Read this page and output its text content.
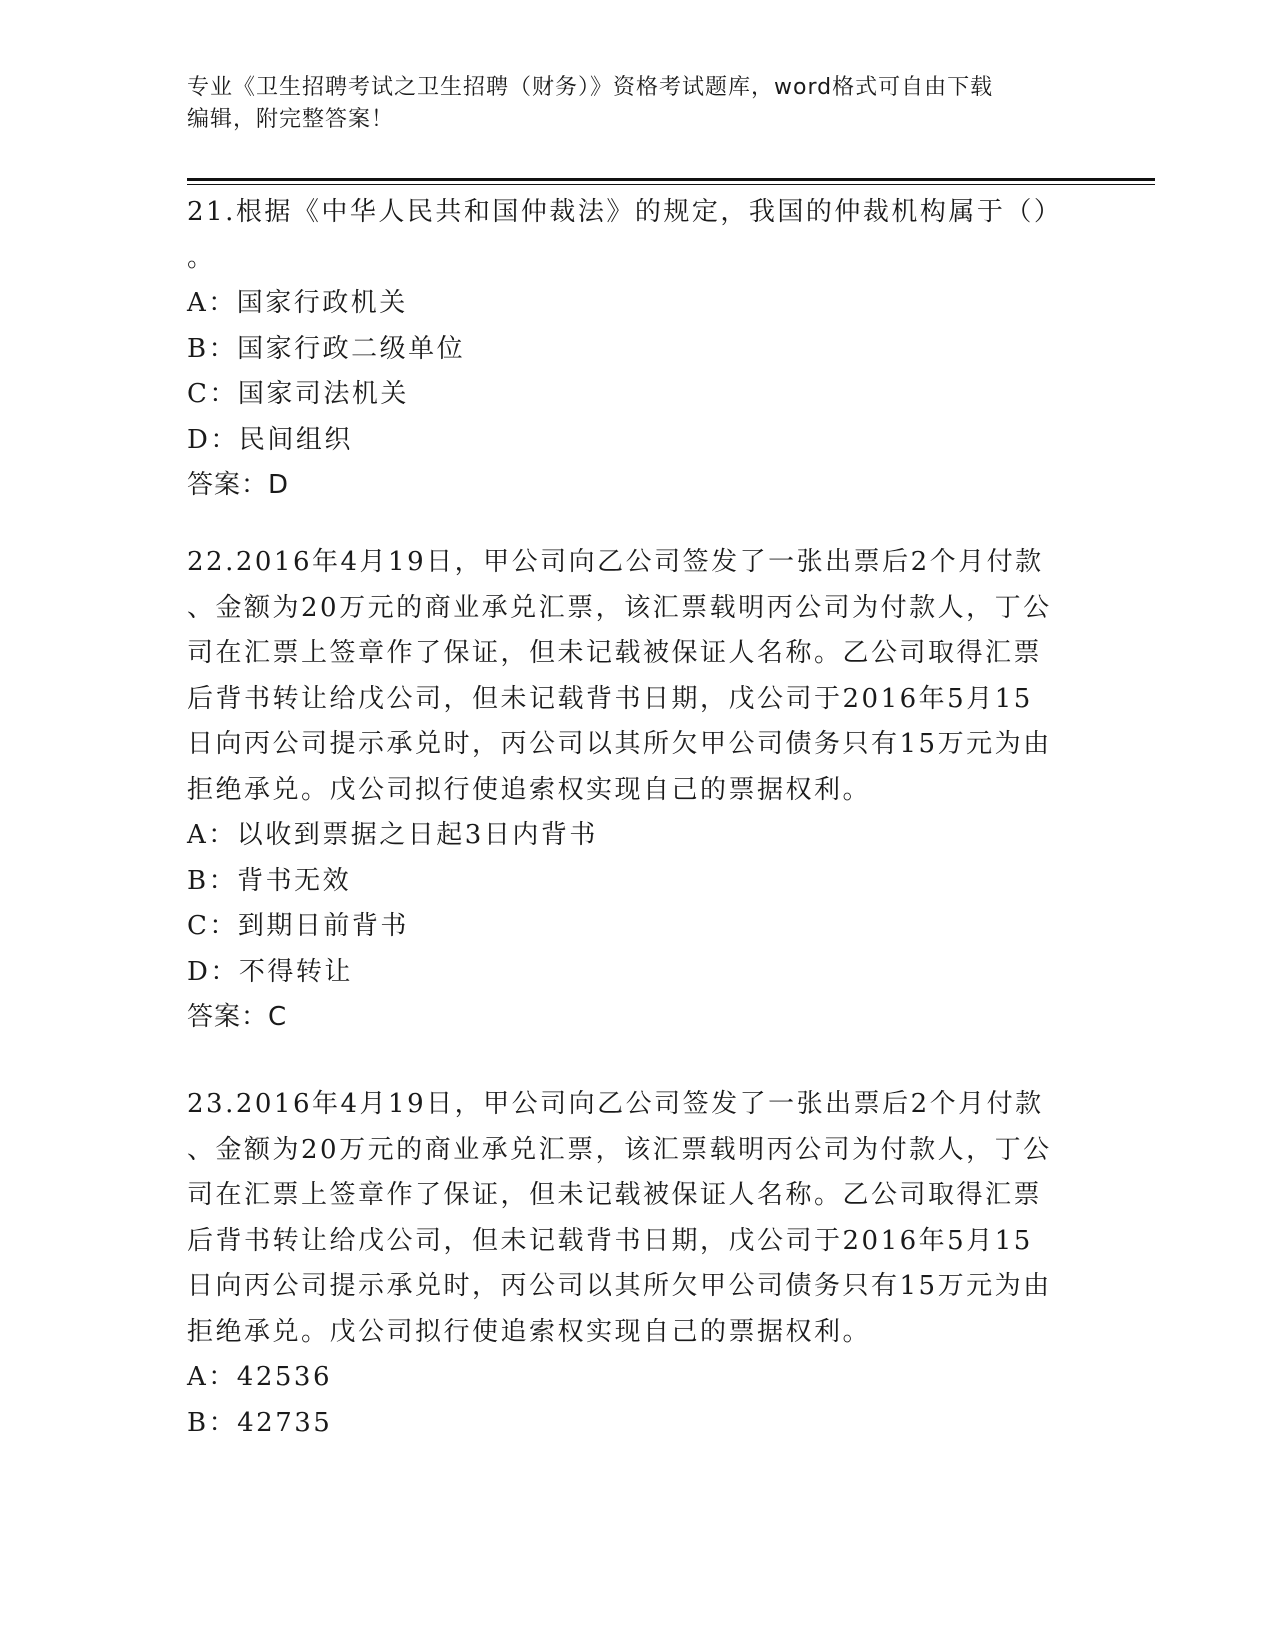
专业《卫生招聘考试之卫生招聘（财务）》资格考试题库，word格式可自由下载
编辑，附完整答案！
21.根据《中华人民共和国仲裁法》的规定，我国的仲裁机构属于（）
。
A：国家行政机关
B：国家行政二级单位
C：国家司法机关
D：民间组织
答案：D
22.2016年4月19日，甲公司向乙公司签发了一张出票后2个月付款
、金额为20万元的商业承兑汇票，该汇票载明丙公司为付款人，丁公
司在汇票上签章作了保证，但未记载被保证人名称。乙公司取得汇票
后背书转让给戊公司，但未记载背书日期，戊公司于2016年5月15
日向丙公司提示承兑时，丙公司以其所欠甲公司债务只有15万元为由
拒绝承兑。戊公司拟行使追索权实现自己的票据权利。
A：以收到票据之日起3日内背书
B：背书无效
C：到期日前背书
D：不得转让
答案：C
23.2016年4月19日，甲公司向乙公司签发了一张出票后2个月付款
、金额为20万元的商业承兑汇票，该汇票载明丙公司为付款人，丁公
司在汇票上签章作了保证，但未记载被保证人名称。乙公司取得汇票
后背书转让给戊公司，但未记载背书日期，戊公司于2016年5月15
日向丙公司提示承兑时，丙公司以其所欠甲公司债务只有15万元为由
拒绝承兑。戊公司拟行使追索权实现自己的票据权利。
A：42536
B：42735
